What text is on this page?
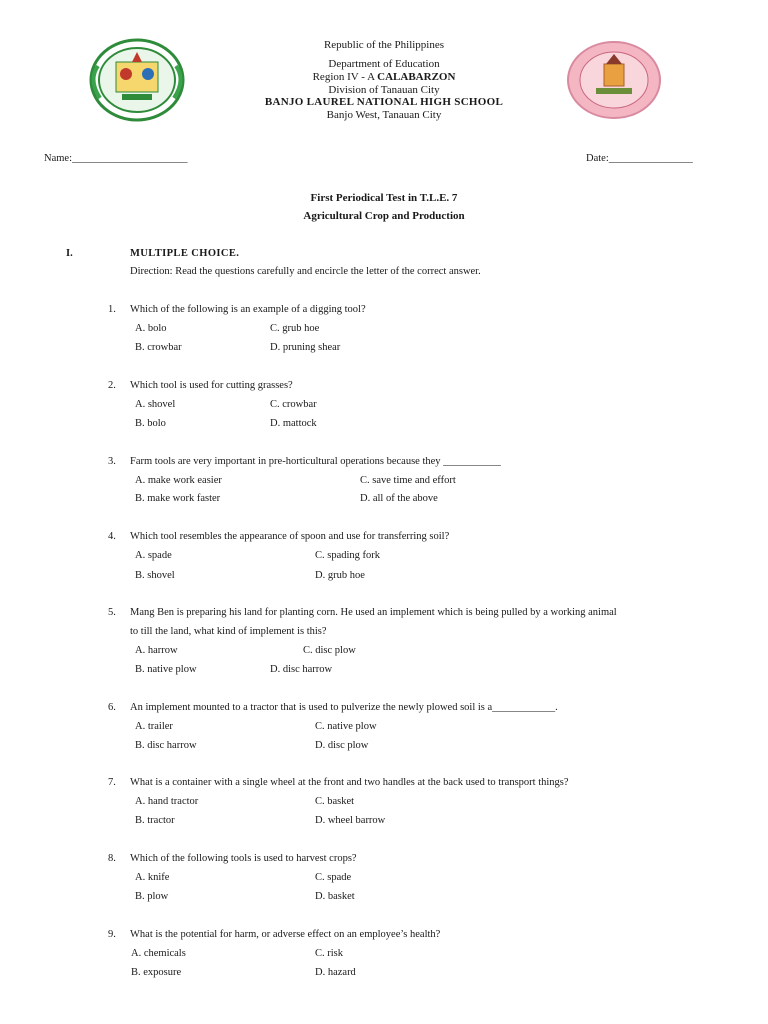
Republic of the Philippines
Department of Education
Region IV - A CALABARZON
Division of Tanauan City
BANJO LAUREL NATIONAL HIGH SCHOOL
Banjo West, Tanauan City
Name:______________________	Date:________________
First Periodical Test in T.L.E. 7
Agricultural Crop and Production
I.	MULTIPLE CHOICE.
Direction: Read the questions carefully and encircle the letter of the correct answer.
1. Which of the following is an example of a digging tool?
A. bolo	C. grub hoe
B. crowbar	D. pruning shear
2. Which tool is used for cutting grasses?
A. shovel	C. crowbar
B. bolo	D. mattock
3. Farm tools are very important in pre-horticultural operations because they ___________
A. make work easier	C. save time and effort
B. make work faster	D. all of the above
4. Which tool resembles the appearance of spoon and use for transferring soil?
A. spade	C. spading fork
B. shovel	D. grub hoe
5. Mang Ben is preparing his land for planting corn. He used an implement which is being pulled by a working animal
to till the land, what kind of implement is this?
A. harrow	C. disc plow
B. native plow	D. disc harrow
6. An implement mounted to a tractor that is used to pulverize the newly plowed soil is a____________.
A. trailer	C. native plow
B. disc harrow	D. disc plow
7. What is a container with a single wheel at the front and two handles at the back used to transport things?
A. hand tractor	C. basket
B. tractor	D. wheel barrow
8. Which of the following tools is used to harvest crops?
A. knife	C. spade
B. plow	D. basket
9. What is the potential for harm, or adverse effect on an employee’s health?
A. chemicals	C. risk
B. exposure	D. hazard
